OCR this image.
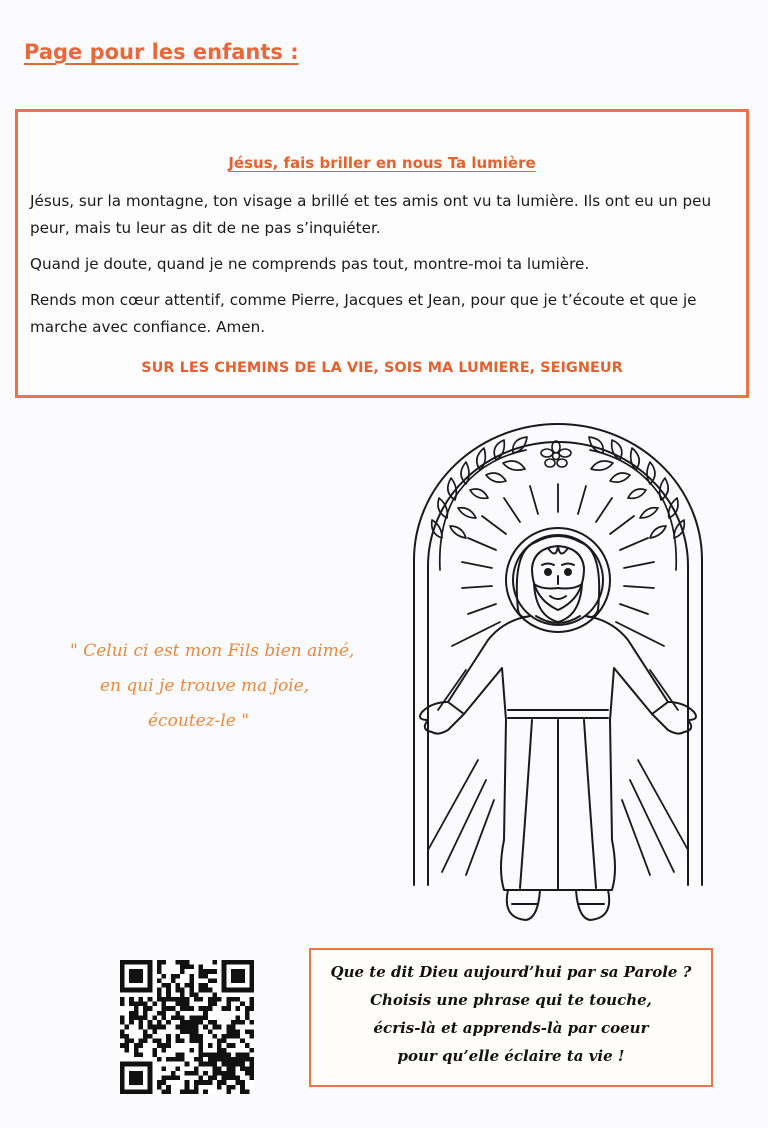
Page pour les enfants :
Jésus, fais briller en nous Ta lumière

Jésus, sur la montagne, ton visage a brillé et tes amis ont vu ta lumière. Ils ont eu un peu peur, mais tu leur as dit de ne pas s’inquiéter.

Quand je doute, quand je ne comprends pas tout, montre-moi ta lumière.

Rends mon cœur attentif, comme Pierre, Jacques et Jean, pour que je t’écoute et que je marche avec confiance. Amen.

SUR LES CHEMINS DE LA VIE, SOIS MA LUMIERE, SEIGNEUR
" Celui ci est mon Fils bien aimé,
en qui je trouve ma joie,
écoutez-le "
Que te dit Dieu aujourd’hui par sa Parole ?
Choisis une phrase qui te touche,
écris-là et apprends-là par coeur
pour qu’elle éclaire ta vie !
